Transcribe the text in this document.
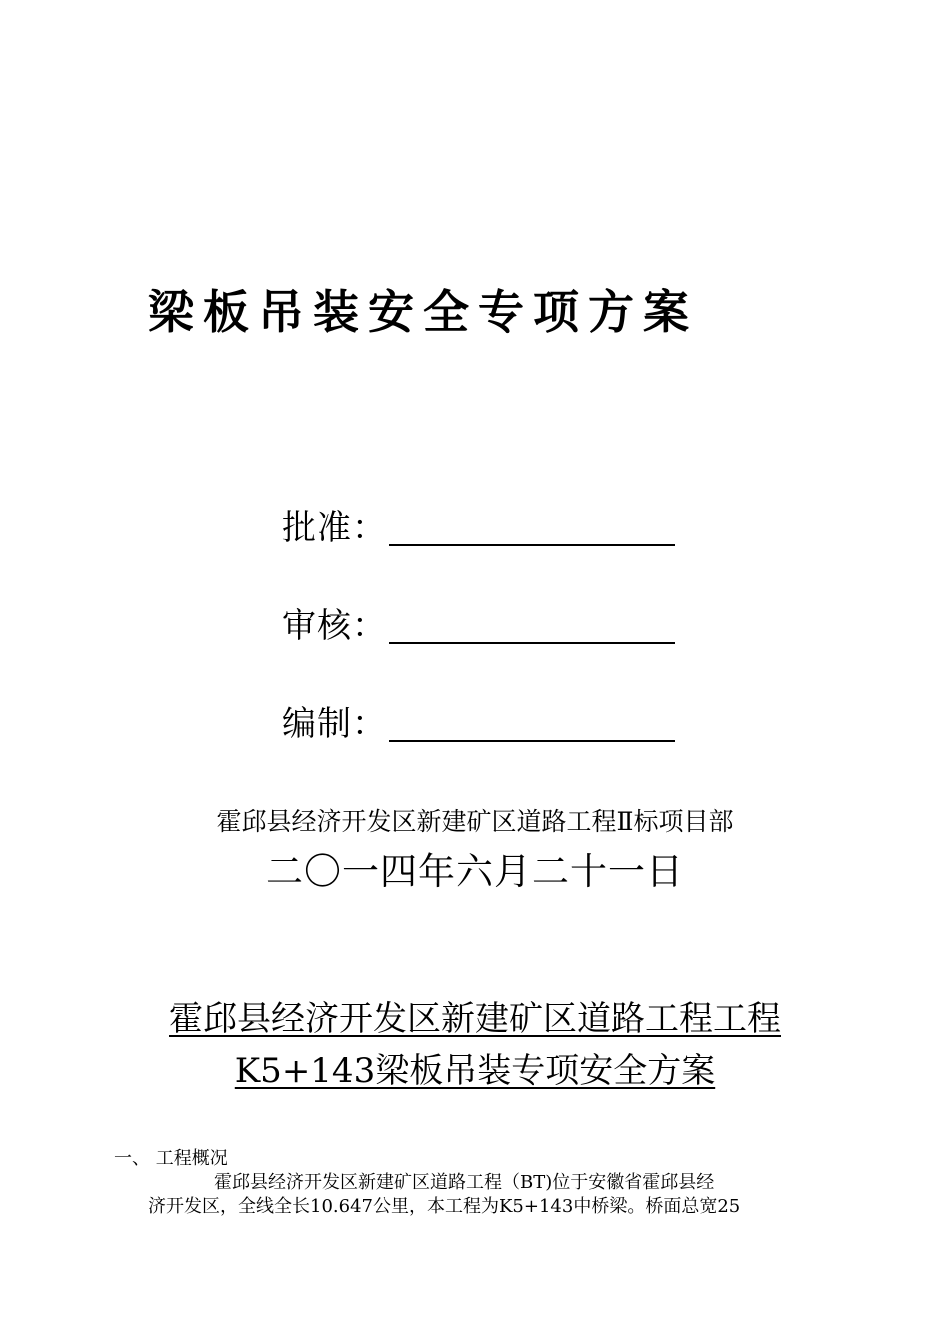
梁板吊装安全专项方案
批准：
审核：
编制：
霍邱县经济开发区新建矿区道路工程Ⅱ标项目部
二〇一四年六月二十一日
霍邱县经济开发区新建矿区道路工程工程
K5+143梁板吊装专项安全方案
一、 工程概况
霍邱县经济开发区新建矿区道路工程（BT)位于安徽省霍邱县经
济开发区，全线全长10.647公里，本工程为K5+143中桥梁。桥面总宽25
